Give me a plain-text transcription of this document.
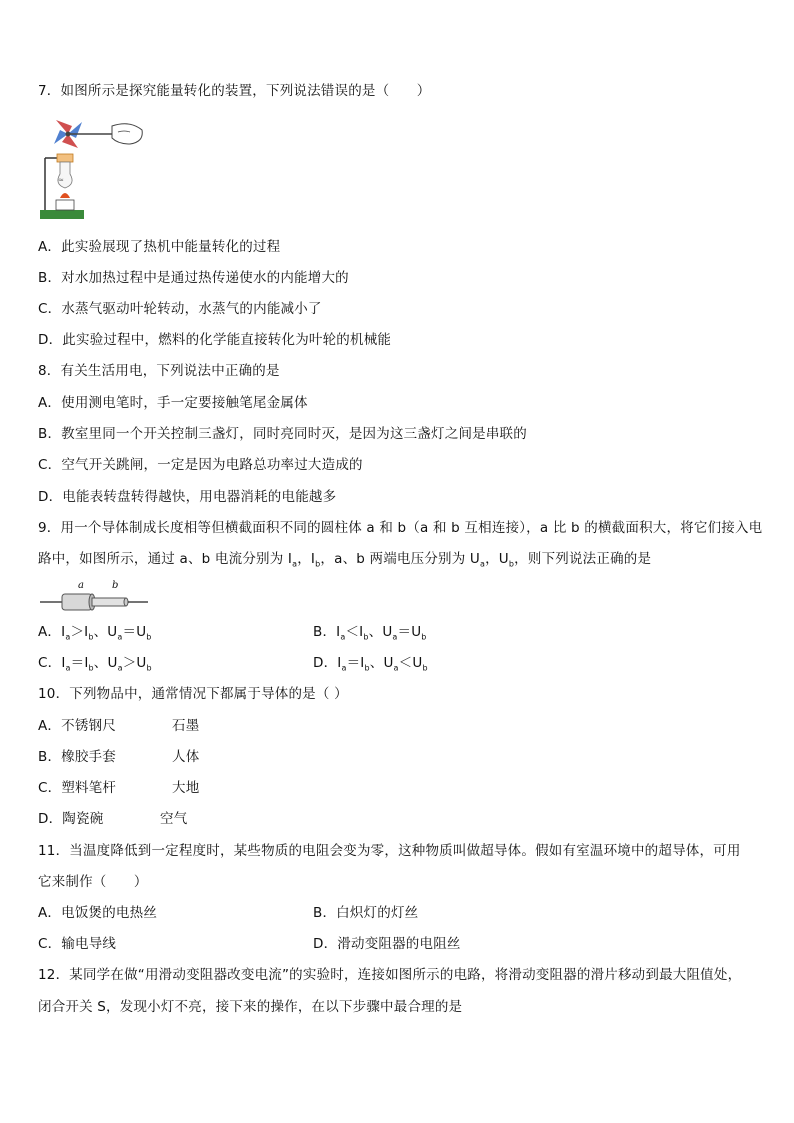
7．如图所示是探究能量转化的装置，下列说法错误的是（　　）
≈
A．此实验展现了热机中能量转化的过程
B．对水加热过程中是通过热传递使水的内能增大的
C．水蒸气驱动叶轮转动，水蒸气的内能减小了
D．此实验过程中，燃料的化学能直接转化为叶轮的机械能
8．有关生活用电，下列说法中正确的是
A．使用测电笔时，手一定要接触笔尾金属体
B．教室里同一个开关控制三盏灯，同时亮同时灭，是因为这三盏灯之间是串联的
C．空气开关跳闸，一定是因为电路总功率过大造成的
D．电能表转盘转得越快，用电器消耗的电能越多
9．用一个导体制成长度相等但横截面积不同的圆柱体 a 和 b（a 和 b 互相连接），a 比 b 的横截面积大，将它们接入电
路中，如图所示，通过 a、b 电流分别为 $I_a$，$I_b$，a、b 两端电压分别为 $U_a$，$U_b$，则下列说法正确的是
a	b
A．$I_a>I_b$、$U_a=U_b$	B．$I_a<I_b$、$U_a=U_b$
C．$I_a=I_b$、$U_a>U_b$	D．$I_a=I_b$、$U_a<U_b$
10．下列物品中，通常情况下都属于导体的是（ ）
A．不锈钢尺	石墨
B．橡胶手套	人体
C．塑料笔杆	大地
D．陶瓷碗	空气
11．当温度降低到一定程度时，某些物质的电阻会变为零，这种物质叫做超导体。假如有室温环境中的超导体，可用
它来制作（　　）
A．电饭煲的电热丝	B．白炽灯的灯丝
C．输电导线	D．滑动变阻器的电阻丝
12．某同学在做“用滑动变阻器改变电流”的实验时，连接如图所示的电路，将滑动变阻器的滑片移动到最大阻值处，
闭合开关 S，发现小灯不亮，接下来的操作，在以下步骤中最合理的是
